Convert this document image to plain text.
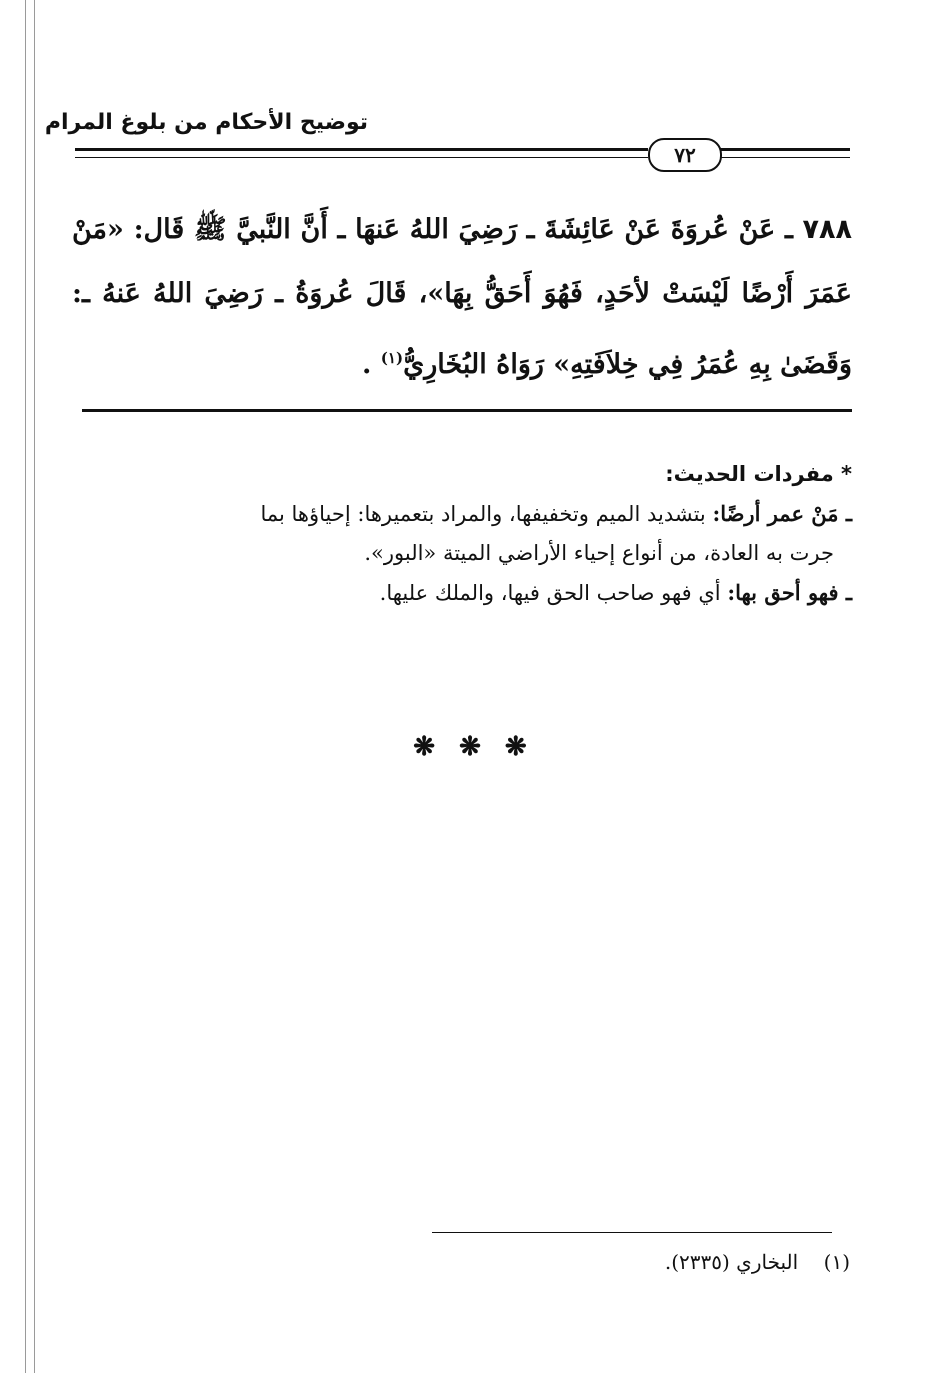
توضيح الأحكام من بلوغ المرام
٧٢
٧٨٨ ـ عَنْ عُروَةَ عَنْ عَائِشَةَ ـ رَضِيَ اللهُ عَنهَا ـ أَنَّ النَّبيَّ ﷺ قَال: «مَنْ عَمَرَ أَرْضًا لَيْسَتْ لأحَدٍ، فَهُوَ أَحَقُّ بِهَا»، قَالَ عُروَةُ ـ رَضِيَ اللهُ عَنهُ ـ: وَقَضَىٰ بِهِ عُمَرُ فِي خِلاَفَتِهِ» رَوَاهُ البُخَارِيُّ$^{(١)}$ .

* مفردات الحديث:

ـ مَنْ عمر أرضًا: بتشديد الميم وتخفيفها، والمراد بتعميرها: إحياؤها بما

جرت به العادة، من أنواع إحياء الأراضي الميتة «البور».

ـ فهو أحق بها: أي فهو صاحب الحق فيها، والملك عليها.

❋ ❋ ❋
(١)    البخاري (٢٣٣٥).
